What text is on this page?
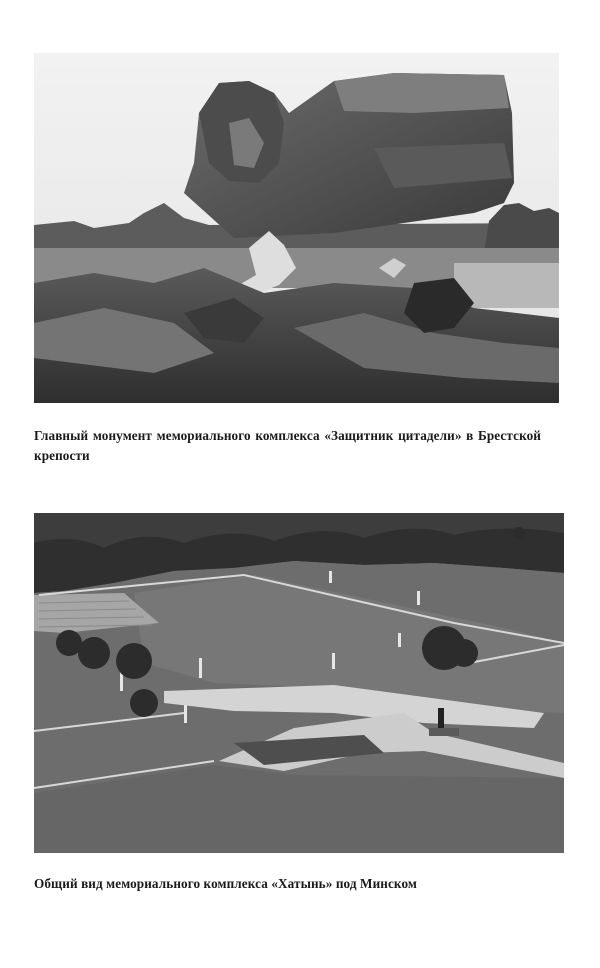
Главный монумент мемориального комплекса «Защитник цитадели» в Брестской крепости
Общий вид мемориального комплекса «Хатынь» под Минском
